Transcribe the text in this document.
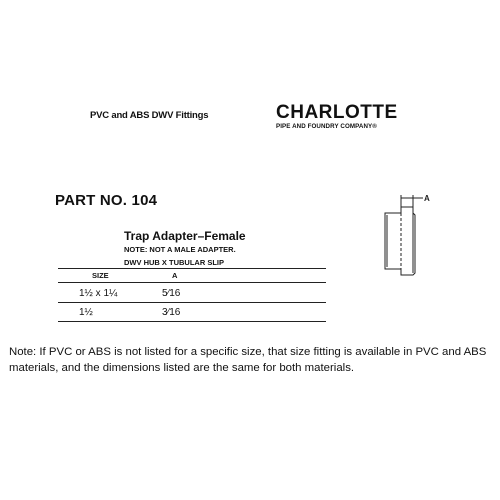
PVC and ABS DWV Fittings	CHARLOTTE
PIPE AND FOUNDRY COMPANY®
PART NO. 104
Trap Adapter–Female
NOTE: NOT A MALE ADAPTER.
DWV HUB X TUBULAR SLIP
SIZE	A
1½ x 1¼	5⁄16
1½	3⁄16
A
Note: If PVC or ABS is not listed for a specific size, that size fitting is available in PVC and ABS materials, and the dimensions listed are the same for both materials.
